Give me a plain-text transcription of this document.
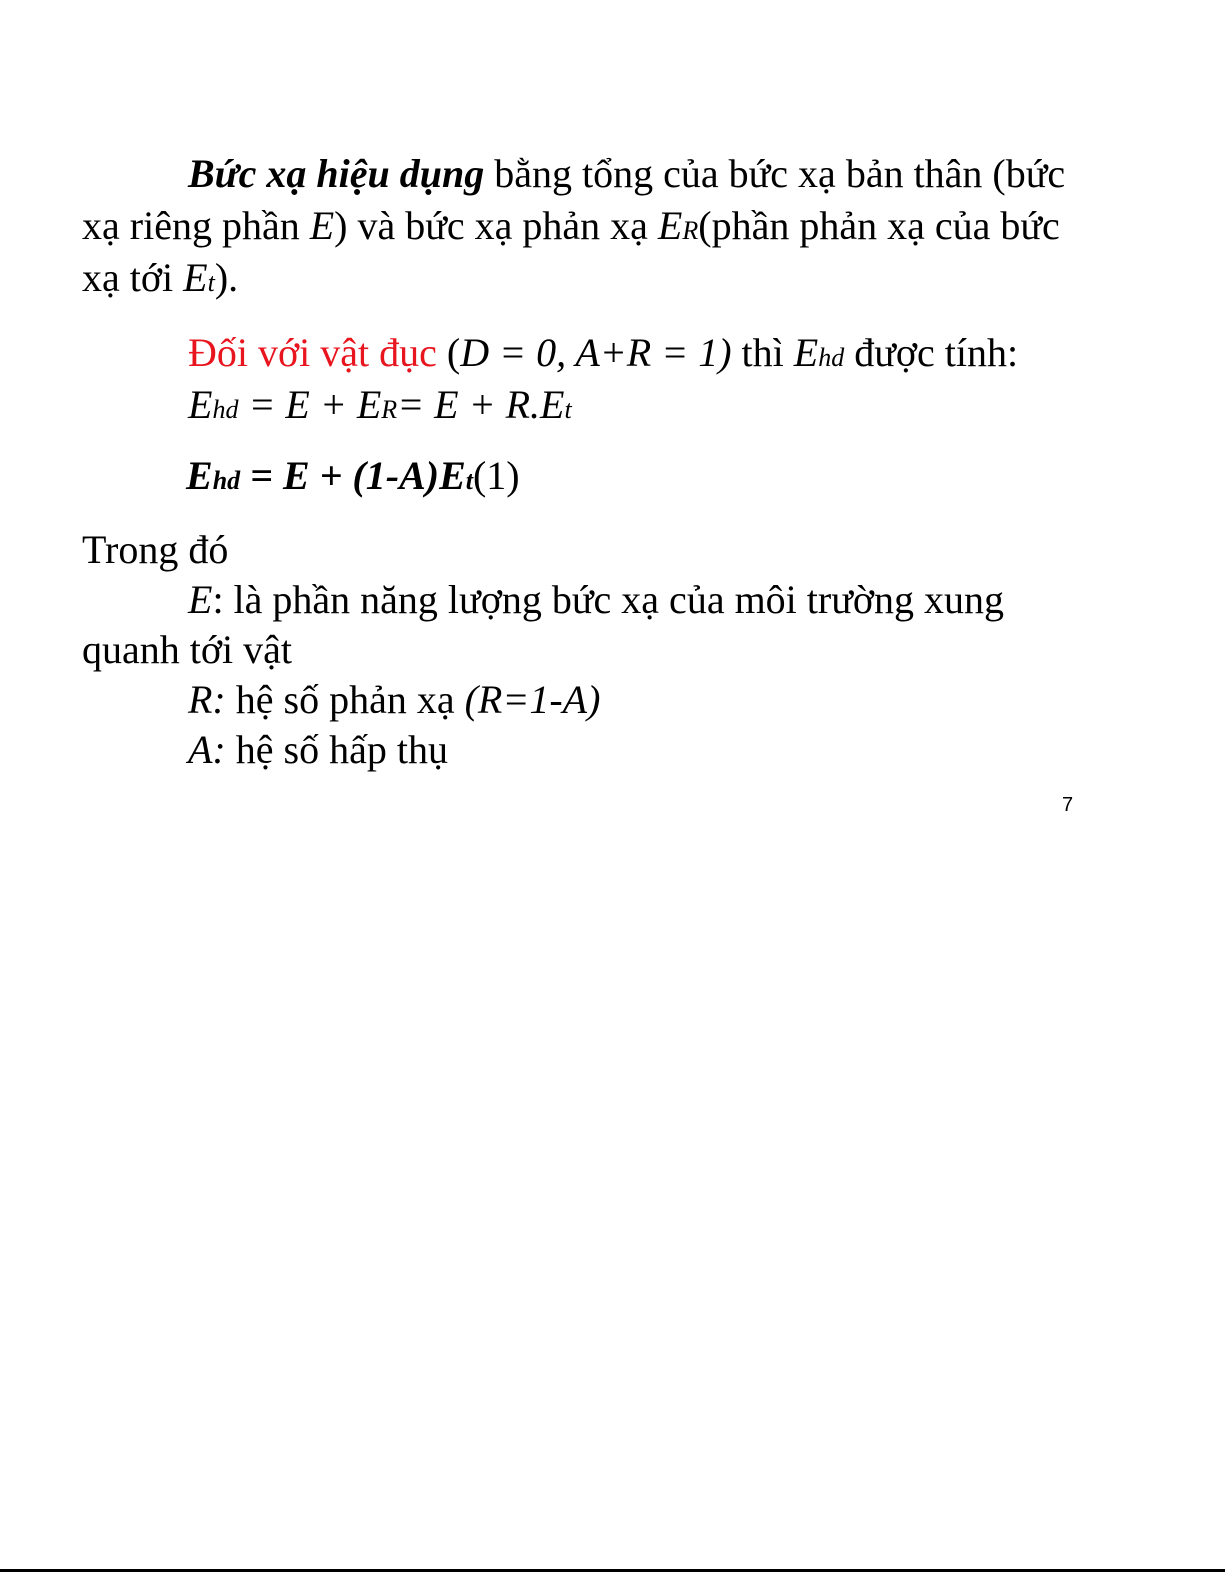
Bức xạ hiệu dụng bằng tổng của bức xạ bản thân (bức
xạ riêng phần E) và bức xạ phản xạ ER(phần phản xạ của bức
xạ tới Et).
Đối với vật đục (D = 0, A+R = 1) thì Ehd được tính:
Ehd = E + ER= E + R.Et
Ehd = E + (1-A)Et(1)
Trong đó
E: là phần năng lượng bức xạ của môi trường xung
quanh tới vật
R: hệ số phản xạ (R=1-A)
A: hệ số hấp thụ
7
